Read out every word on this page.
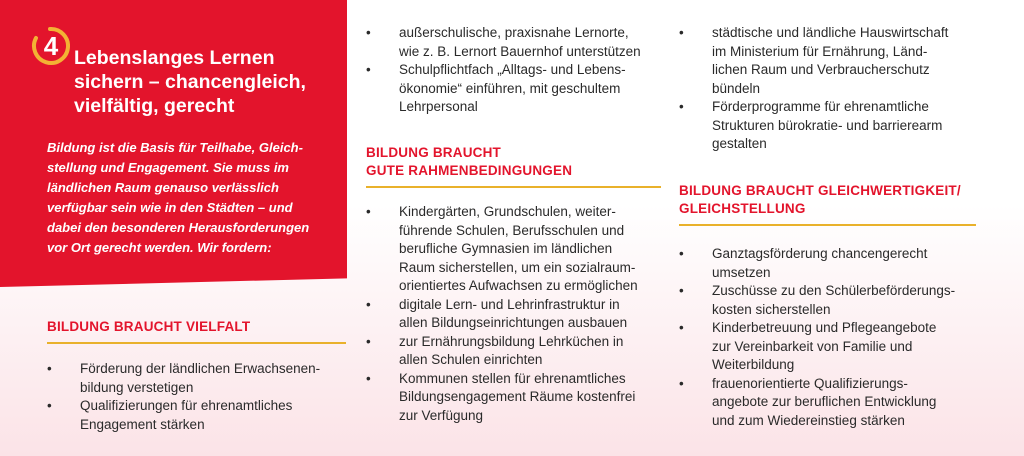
4 Lebenslanges Lernen
sichern – chancengleich,
vielfältig, gerecht
Bildung ist die Basis für Teilhabe, Gleich-
stellung und Engagement. Sie muss im
ländlichen Raum genauso verlässlich
verfügbar sein wie in den Städten – und
dabei den besonderen Herausforderungen
vor Ort gerecht werden. Wir fordern:
BILDUNG BRAUCHT VIELFALT
• Förderung der ländlichen Erwachsenen-
bildung verstetigen
• Qualifizierungen für ehrenamtliches
Engagement stärken
• außerschulische, praxisnahe Lernorte,
wie z. B. Lernort Bauernhof unterstützen
• Schulpflichtfach „Alltags- und Lebens-
ökonomie“ einführen, mit geschultem
Lehrpersonal
BILDUNG BRAUCHT
GUTE RAHMENBEDINGUNGEN
• Kindergärten, Grundschulen, weiter-
führende Schulen, Berufsschulen und
berufliche Gymnasien im ländlichen
Raum sicherstellen, um ein sozialraum-
orientiertes Aufwachsen zu ermöglichen
• digitale Lern- und Lehrinfrastruktur in
allen Bildungseinrichtungen ausbauen
• zur Ernährungsbildung Lehrküchen in
allen Schulen einrichten
• Kommunen stellen für ehrenamtliches
Bildungsengagement Räume kostenfrei
zur Verfügung
• städtische und ländliche Hauswirtschaft
im Ministerium für Ernährung, Länd-
lichen Raum und Verbraucherschutz
bündeln
• Förderprogramme für ehrenamtliche
Strukturen bürokratie- und barrierearm
gestalten
BILDUNG BRAUCHT GLEICHWERTIGKEIT/
GLEICHSTELLUNG
• Ganztagsförderung chancengerecht
umsetzen
• Zuschüsse zu den Schülerbeförderungs-
kosten sicherstellen
• Kinderbetreuung und Pflegeangebote
zur Vereinbarkeit von Familie und
Weiterbildung
• frauenorientierte Qualifizierungs-
angebote zur beruflichen Entwicklung
und zum Wiedereinstieg stärken
